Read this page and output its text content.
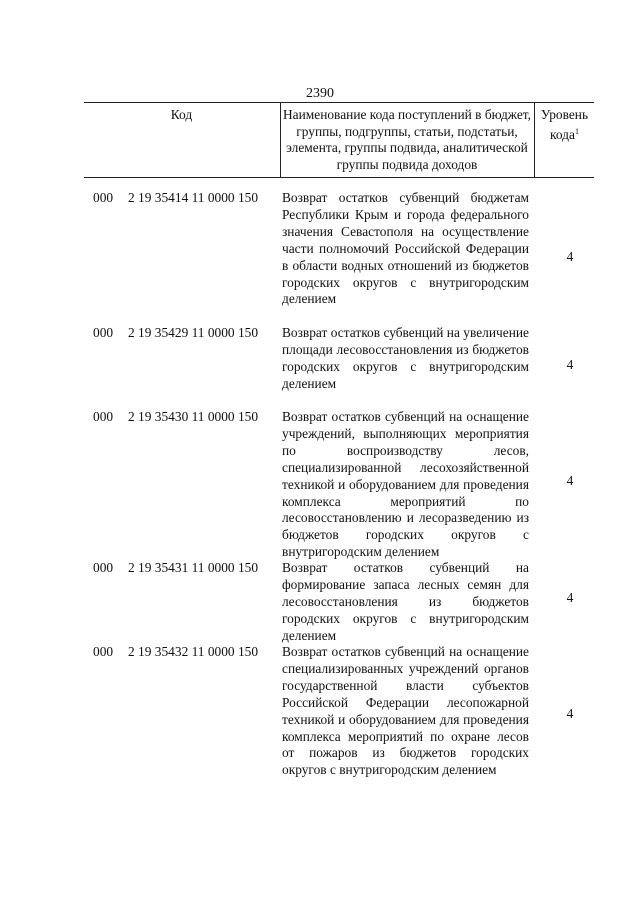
2390
Код	Наименование кода поступлений в бюджет, группы, подгруппы, статьи, подстатьи, элемента, группы подвида, аналитической группы подвида доходов
Уровень кода$^1$
000 2 19 35414 11 0000 150 Возврат остатков субвенций бюджетам Республики Крым и города федерального значения Севастополя на осуществление части полномочий Российской Федерации в области водных отношений из бюджетов городских округов с внутригородским делением
4
000 2 19 35429 11 0000 150 Возврат остатков субвенций на увеличение площади лесовосстановления из бюджетов городских округов с внутригородским делением
4
000 2 19 35430 11 0000 150 Возврат остатков субвенций на оснащение учреждений, выполняющих мероприятия по воспроизводству лесов, специализированной лесохозяйственной техникой и оборудованием для проведения комплекса мероприятий по лесовосстановлению и лесоразведению из бюджетов городских округов с внутригородским делением
4
000 2 19 35431 11 0000 150 Возврат остатков субвенций на формирование запаса лесных семян для лесовосстановления из бюджетов городских округов с внутригородским делением
4
000 2 19 35432 11 0000 150 Возврат остатков субвенций на оснащение специализированных учреждений органов государственной власти субъектов Российской Федерации лесопожарной техникой и оборудованием для проведения комплекса мероприятий по охране лесов от пожаров из бюджетов городских округов с внутригородским делением
4
